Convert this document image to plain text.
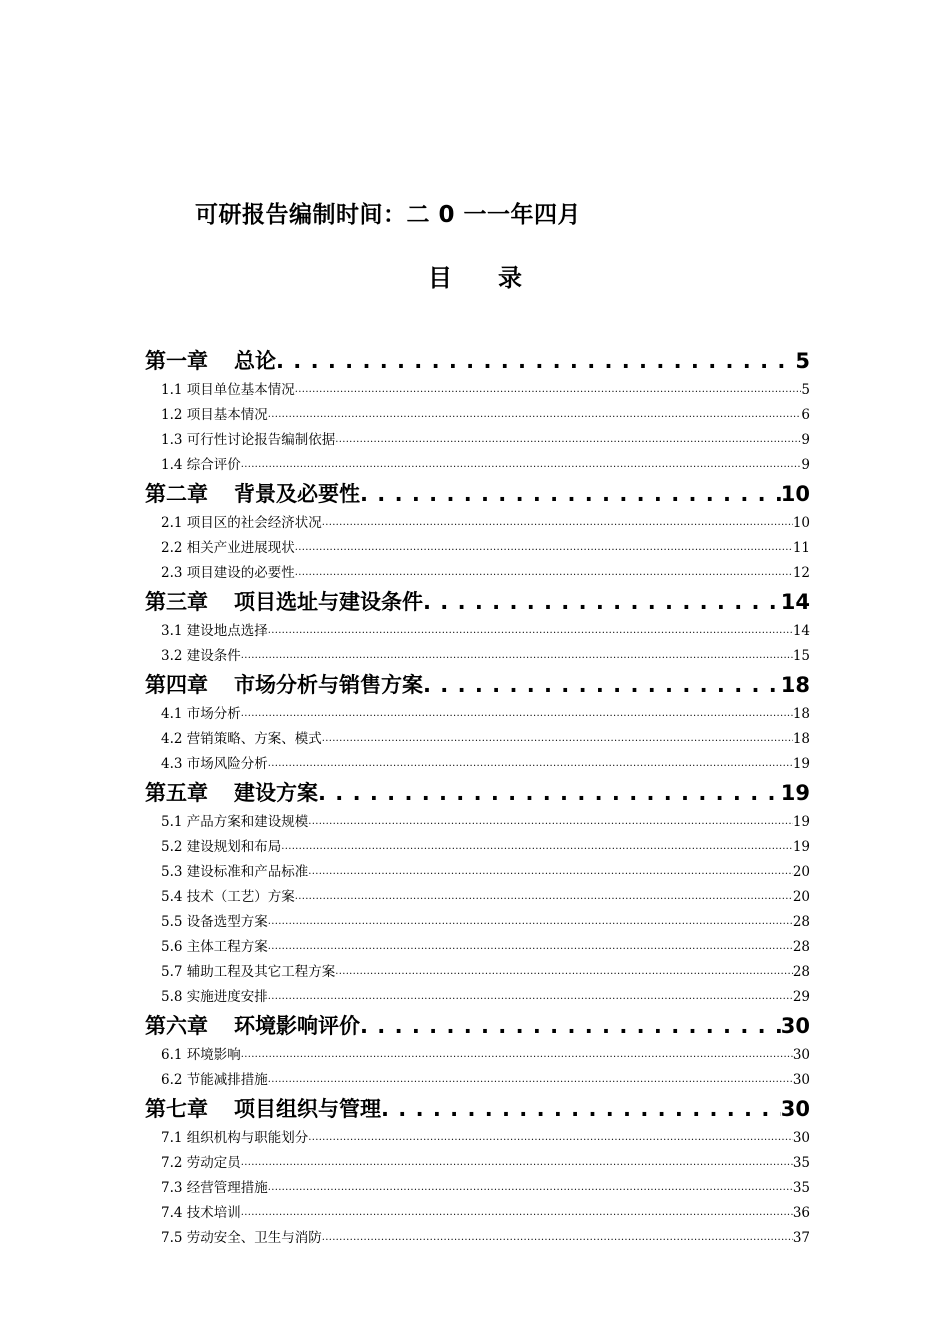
可研报告编制时间：二 0 一一年四月
目 录
第一章 总论 . . .	5
1.1 项目单位基本情况 .....	5
1.2 项目基本情况 .....	6
1.3 可行性讨论报告编制依据 .....	9
1.4 综合评价 .....	9
第二章 背景及必要性 . . .	10
2.1 项目区的社会经济状况 .....	10
2.2 相关产业进展现状 .....	11
2.3 项目建设的必要性 .....	12
第三章 项目选址与建设条件 . . .	14
3.1 建设地点选择 .....	14
3.2 建设条件 .....	15
第四章 市场分析与销售方案 . . .	18
4.1 市场分析 .....	18
4.2 营销策略、方案、模式 .....	18
4.3 市场风险分析 .....	19
第五章 建设方案 . . .	19
5.1 产品方案和建设规模 .....	19
5.2 建设规划和布局 .....	19
5.3 建设标准和产品标准 .....	20
5.4 技术（工艺）方案 .....	20
5.5 设备选型方案 .....	28
5.6 主体工程方案 .....	28
5.7 辅助工程及其它工程方案 .....	28
5.8 实施进度安排 .....	29
第六章 环境影响评价 . . .	30
6.1 环境影响 .....	30
6.2 节能减排措施 .....	30
第七章 项目组织与管理 . . .	30
7.1 组织机构与职能划分 .....	30
7.2 劳动定员 .....	35
7.3 经营管理措施 .....	35
7.4 技术培训 .....	36
7.5 劳动安全、卫生与消防 .....	37
